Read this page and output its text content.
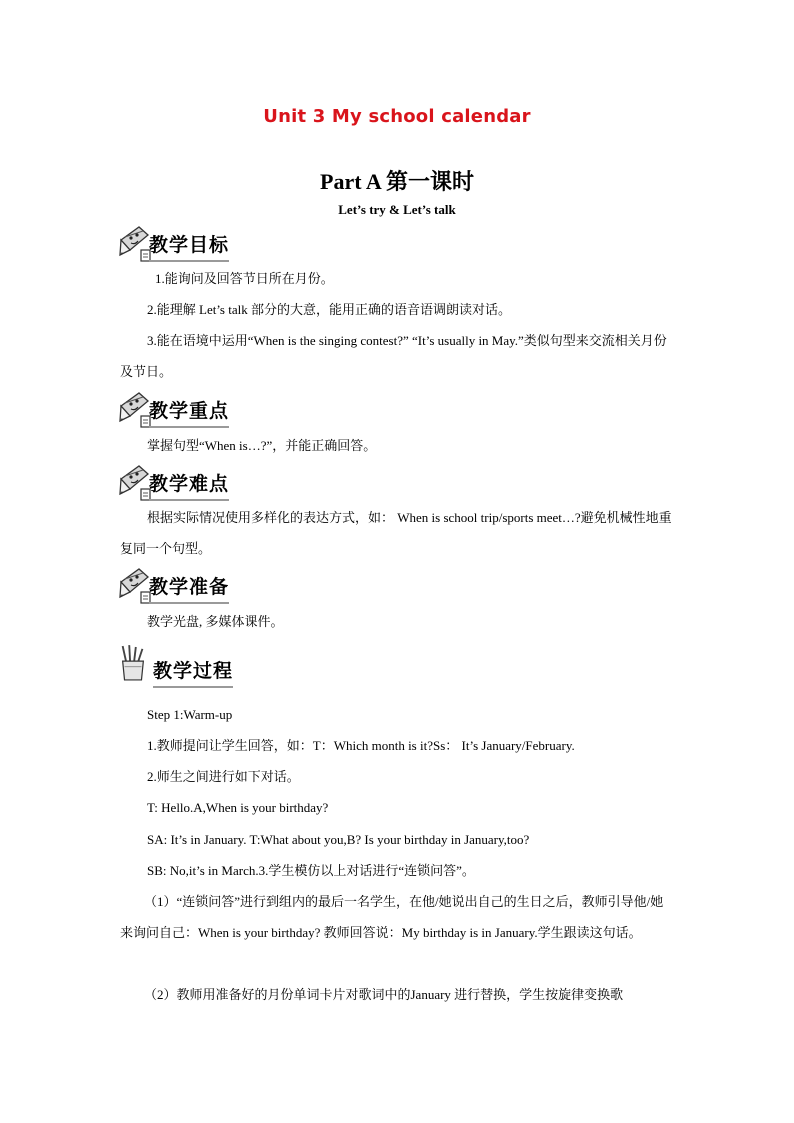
Unit 3 My school calendar
Part A 第一课时
Let’s try & Let’s talk
教学目标
1.能询问及回答节日所在月份。
2.能理解 Let’s talk 部分的大意，能用正确的语音语调朗读对话。
3.能在语境中运用“When is the singing contest?” “It’s usually in May.”类似句型来交流相关月份及节日。
教学重点
掌握句型“When is…?”，并能正确回答。
教学难点
根据实际情况使用多样化的表达方式，如： When is school trip/sports meet…?避免机械性地重复同一个句型。
教学准备
教学光盘, 多媒体课件。
教学过程
Step 1:Warm-up
1.教师提问让学生回答，如：T：Which month is it?Ss： It’s January/February.
2.师生之间进行如下对话。
T: Hello.A,When is your birthday?
SA: It’s in January. T:What about you,B? Is your birthday in January,too?
SB: No,it’s in March.3.学生模仿以上对话进行“连锁问答”。
（1）“连锁问答”进行到组内的最后一名学生，在他/她说出自己的生日之后，教师引导他/她来询问自己：When is your birthday? 教师回答说：My birthday is in January.学生跟读这句话。
（2）教师用准备好的月份单词卡片对歌词中的January 进行替换，学生按旋律变换歌
